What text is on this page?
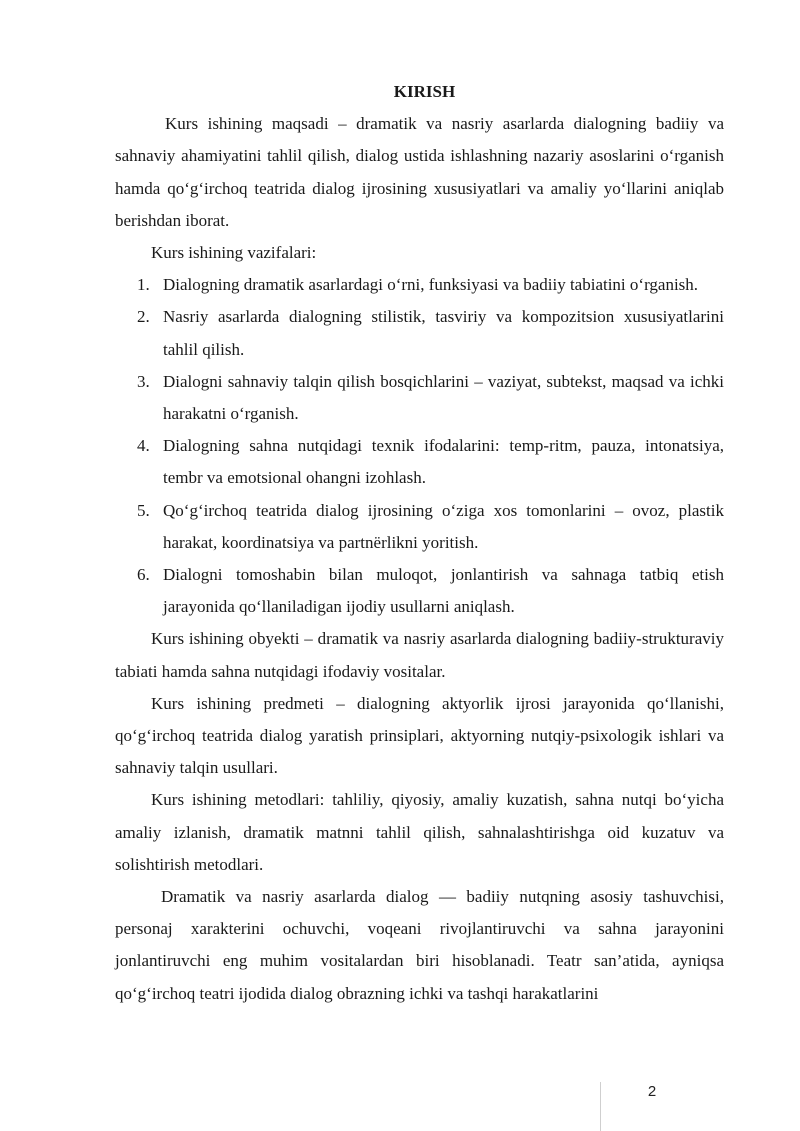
KIRISH

Kurs ishining maqsadi – dramatik va nasriy asarlarda dialogning badiiy va sahnaviy ahamiyatini tahlil qilish, dialog ustida ishlashning nazariy asoslarini o‘rganish hamda qo‘g‘irchoq teatrida dialog ijrosining xususiyatlari va amaliy yo‘llarini aniqlab berishdan iborat.

Kurs ishining vazifalari:

1. Dialogning dramatik asarlardagi o‘rni, funksiyasi va badiiy tabiatini o‘rganish.
2. Nasriy asarlarda dialogning stilistik, tasviriy va kompozitsion xususiyatlarini tahlil qilish.
3. Dialogni sahnaviy talqin qilish bosqichlarini – vaziyat, subtekst, maqsad va ichki harakatni o‘rganish.
4. Dialogning sahna nutqidagi texnik ifodalarini: temp-ritm, pauza, intonatsiya, tembr va emotsional ohangni izohlash.
5. Qo‘g‘irchoq teatrida dialog ijrosining o‘ziga xos tomonlarini – ovoz, plastik harakat, koordinatsiya va partnërlikni yoritish.
6. Dialogni tomoshabin bilan muloqot, jonlantirish va sahnaga tatbiq etish jarayonida qo‘llaniladigan ijodiy usullarni aniqlash.

Kurs ishining obyekti – dramatik va nasriy asarlarda dialogning badiiy-strukturaviy tabiati hamda sahna nutqidagi ifodaviy vositalar.

Kurs ishining predmeti – dialogning aktyorlik ijrosi jarayonida qo‘llanishi, qo‘g‘irchoq teatrida dialog yaratish prinsiplari, aktyorning nutqiy-psixologik ishlari va sahnaviy talqin usullari.

Kurs ishining metodlari: tahliliy, qiyosiy, amaliy kuzatish, sahna nutqi bo‘yicha amaliy izlanish, dramatik matnni tahlil qilish, sahnalashtirishga oid kuzatuv va solishtirish metodlari.

Dramatik va nasriy asarlarda dialog — badiiy nutqning asosiy tashuvchisi, personaj xarakterini ochuvchi, voqeani rivojlantiruvchi va sahna jarayonini jonlantiruvchi eng muhim vositalardan biri hisoblanadi. Teatr san’atida, ayniqsa qo‘g‘irchoq teatri ijodida dialog obrazning ichki va tashqi harakatlarini

2
